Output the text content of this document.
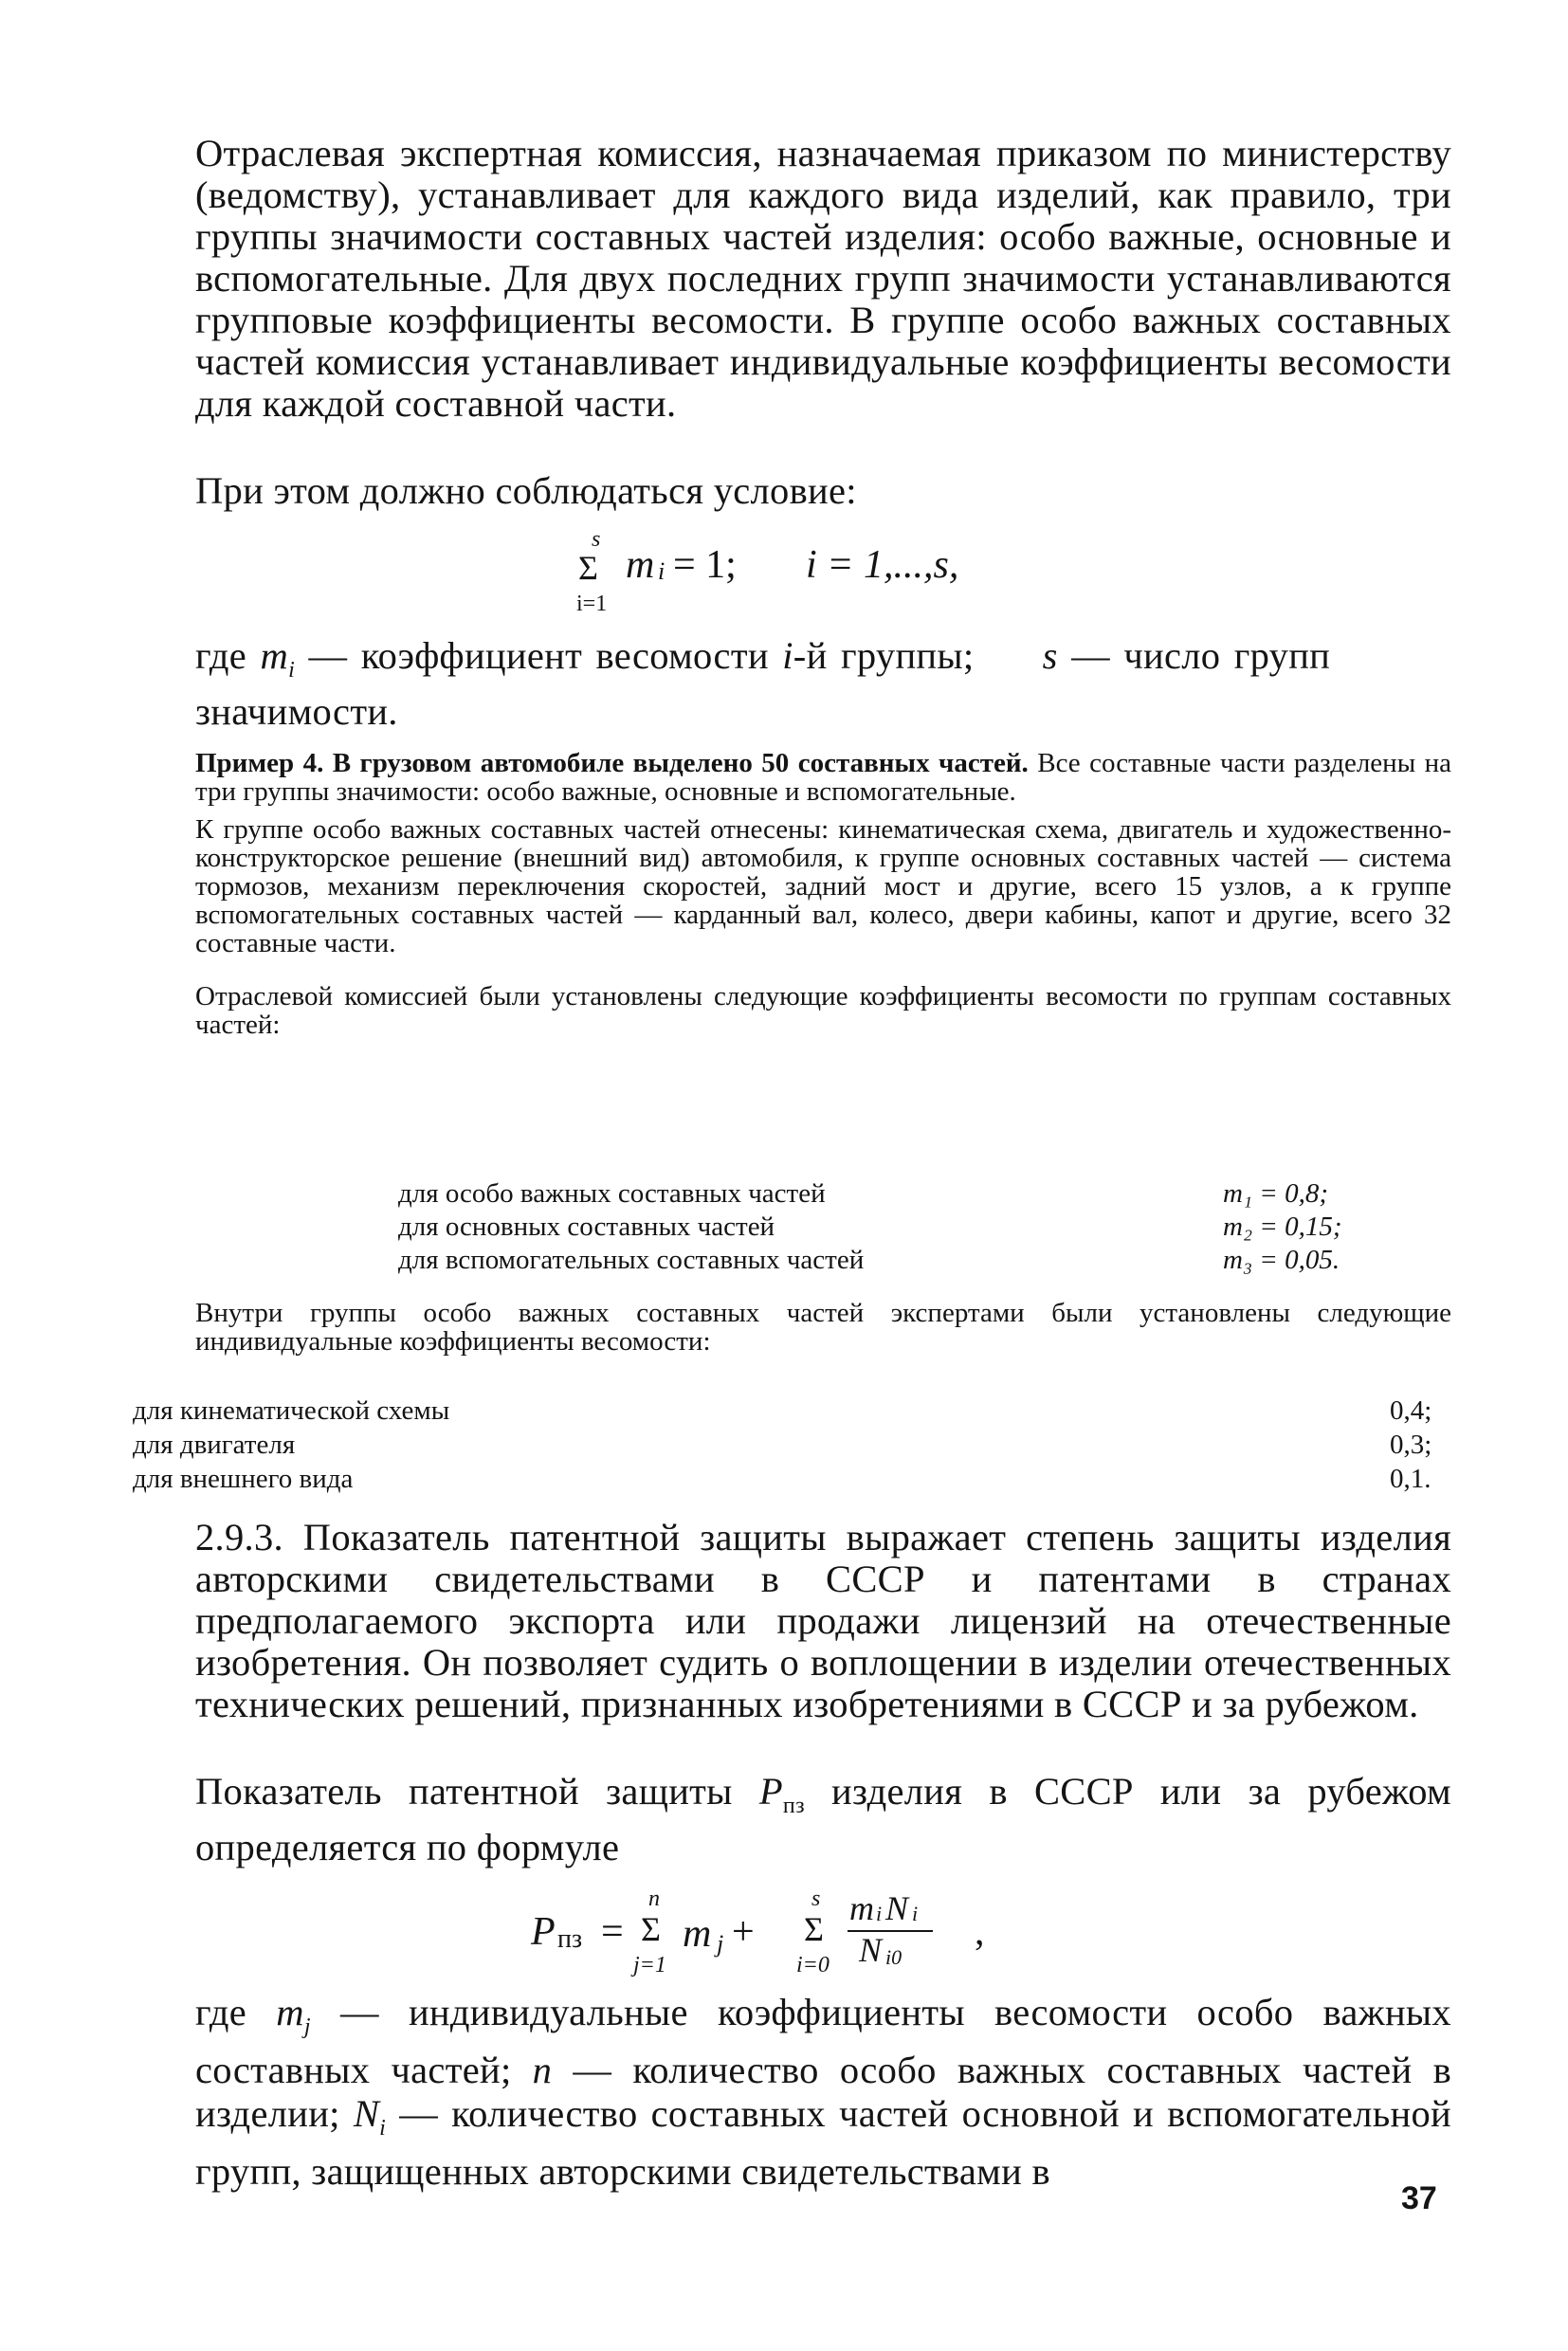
Отраслевая экспертная комиссия, назначаемая приказом по министерству (ведомству), устанавливает для каждого вида изделий, как правило, три группы значимости составных частей изделия: особо важные, основные и вспомогательные. Для двух последних групп значимости устанавливаются групповые коэффициенты весомости. В группе особо важных составных частей комиссия устанавливает индивидуальные коэффициенты весомости для каждой составной части.

При этом должно соблюдаться условие:

s
Σ
i=1
m i = 1; i = 1,...,s,

где $m_i$ — коэффициент весомости i-й группы; s — число групп значимости.

Пример 4. В грузовом автомобиле выделено 50 составных частей. Все составные части разделены на три группы значимости: особо важные, основные и вспомогательные.

К группе особо важных составных частей отнесены: кинематическая схема, двигатель и художественно-конструкторское решение (внешний вид) автомобиля, к группе основных составных частей — система тормозов, механизм переключения скоростей, задний мост и другие, всего 15 узлов, а к группе вспомогательных составных частей — карданный вал, колесо, двери кабины, капот и другие, всего 32 составные части.

Отраслевой комиссией были установлены следующие коэффициенты весомости по группам составных частей:

для особо важных составных частей	m₁ = 0,8;
для основных составных частей	m₂ = 0,15;
для вспомогательных составных частей	m₃ = 0,05.

Внутри группы особо важных составных частей экспертами были установлены следующие индивидуальные коэффициенты весомости:

для кинематической схемы	0,4;
для двигателя	0,3;
для внешнего вида	0,1.

2.9.3. Показатель патентной защиты выражает степень защиты изделия авторскими свидетельствами в СССР и патентами в странах предполагаемого экспорта или продажи лицензий на отечественные изобретения. Он позволяет судить о воплощении в изделии отечественных технических решений, признанных изобретениями в СССР и за рубежом.

Показатель патентной защиты $P_{пз}$ изделия в СССР или за рубежом определяется по формуле

P пз =
n
Σ
j=1
m j +
s
Σ
i=0
m i N i
N i0
,

где $m_j$ — индивидуальные коэффициенты весомости особо важных составных частей; n — количество особо важных составных частей в изделии; $N_i$ — количество составных частей основной и вспомогательной групп, защищенных авторскими свидетельствами в

37
